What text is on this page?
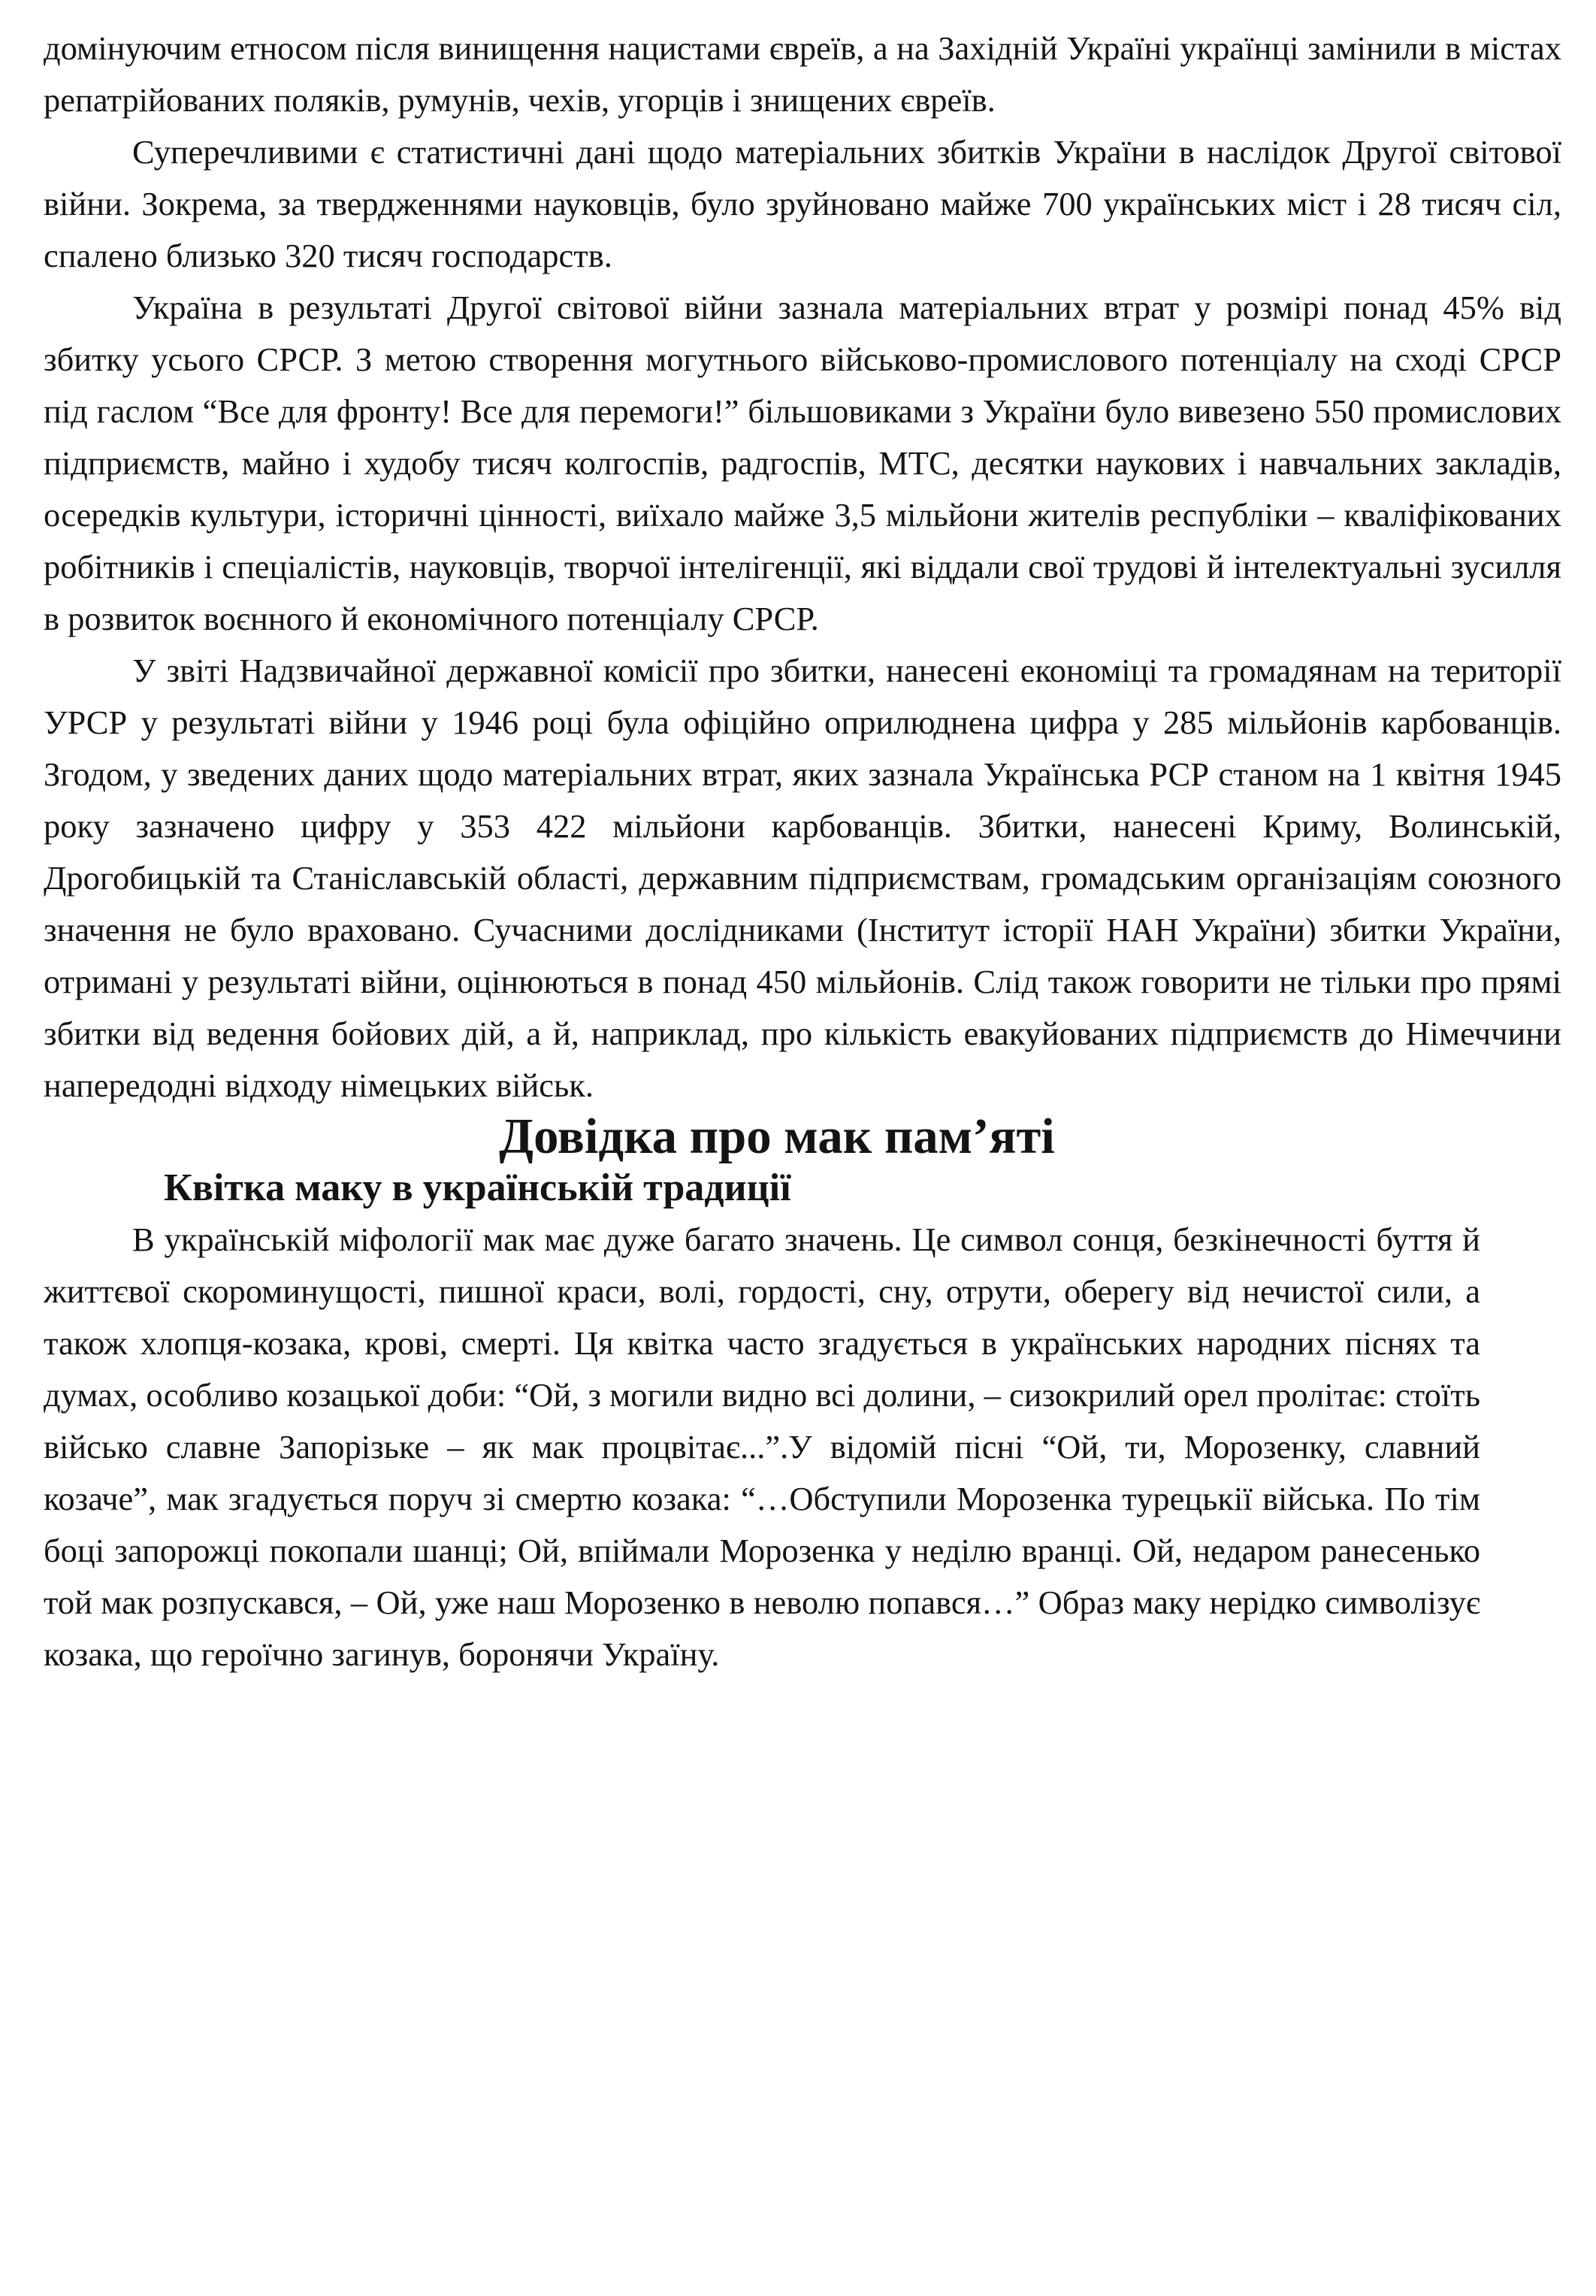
домінуючим етносом після винищення нацистами євреїв, а на Західній Україні українці замінили в містах репатрійованих поляків, румунів, чехів, угорців і знищених євреїв.

Суперечливими є статистичні дані щодо матеріальних збитків України в наслідок Другої світової війни. Зокрема, за твердженнями науковців, було зруйновано майже 700 українських міст і 28 тисяч сіл, спалено близько 320 тисяч господарств.

Україна в результаті Другої світової війни зазнала матеріальних втрат у розмірі понад 45% від збитку усього СРСР. З метою створення могутнього військово-промислового потенціалу на сході СРСР під гаслом “Все для фронту! Все для перемоги!” більшовиками з України було вивезено 550 промислових підприємств, майно і худобу тисяч колгоспів, радгоспів, МТС, десятки наукових і навчальних закладів, осередків культури, історичні цінності, виїхало майже 3,5 мільйони жителів республіки – кваліфікованих робітників і спеціалістів, науковців, творчої інтелігенції, які віддали свої трудові й інтелектуальні зусилля в розвиток воєнного й економічного потенціалу СРСР.

У звіті Надзвичайної державної комісії про збитки, нанесені економіці та громадянам на території УРСР у результаті війни у 1946 році була офіційно оприлюднена цифра у 285 мільйонів карбованців. Згодом, у зведених даних щодо матеріальних втрат, яких зазнала Українська РСР станом на 1 квітня 1945 року зазначено цифру у 353 422 мільйони карбованців. Збитки, нанесені Криму, Волинській, Дрогобицькій та Станіславській області, державним підприємствам, громадським організаціям союзного значення не було враховано. Сучасними дослідниками (Інститут історії НАН України) збитки України, отримані у результаті війни, оцінюються в понад 450 мільйонів. Слід також говорити не тільки про прямі збитки від ведення бойових дій, а й, наприклад, про кількість евакуйованих підприємств до Німеччини напередодні відходу німецьких військ.

Довідка про мак пам’яті
Квітка маку в українській традиції

В українській міфології мак має дуже багато значень. Це символ сонця, безкінечності буття й життєвої скороминущості, пишної краси, волі, гордості, сну, отрути, оберегу від нечистої сили, а також хлопця-козака, крові, смерті. Ця квітка часто згадується в українських народних піснях та думах, особливо козацької доби: “Ой, з могили видно всі долини, – сизокрилий орел пролітає: стоїть військо славне Запорізьке – як мак процвітає...”.У відомій пісні “Ой, ти, Морозенку, славний козаче”, мак згадується поруч зі смертю козака: “…Обступили Морозенка турецькії війська. По тім боці запорожці покопали шанці; Ой, впіймали Морозенка у неділю вранці. Ой, недаром ранесенько той мак розпускався, – Ой, уже наш Морозенко в неволю попався…” Образ маку нерідко символізує козака, що героїчно загинув, боронячи Україну.
